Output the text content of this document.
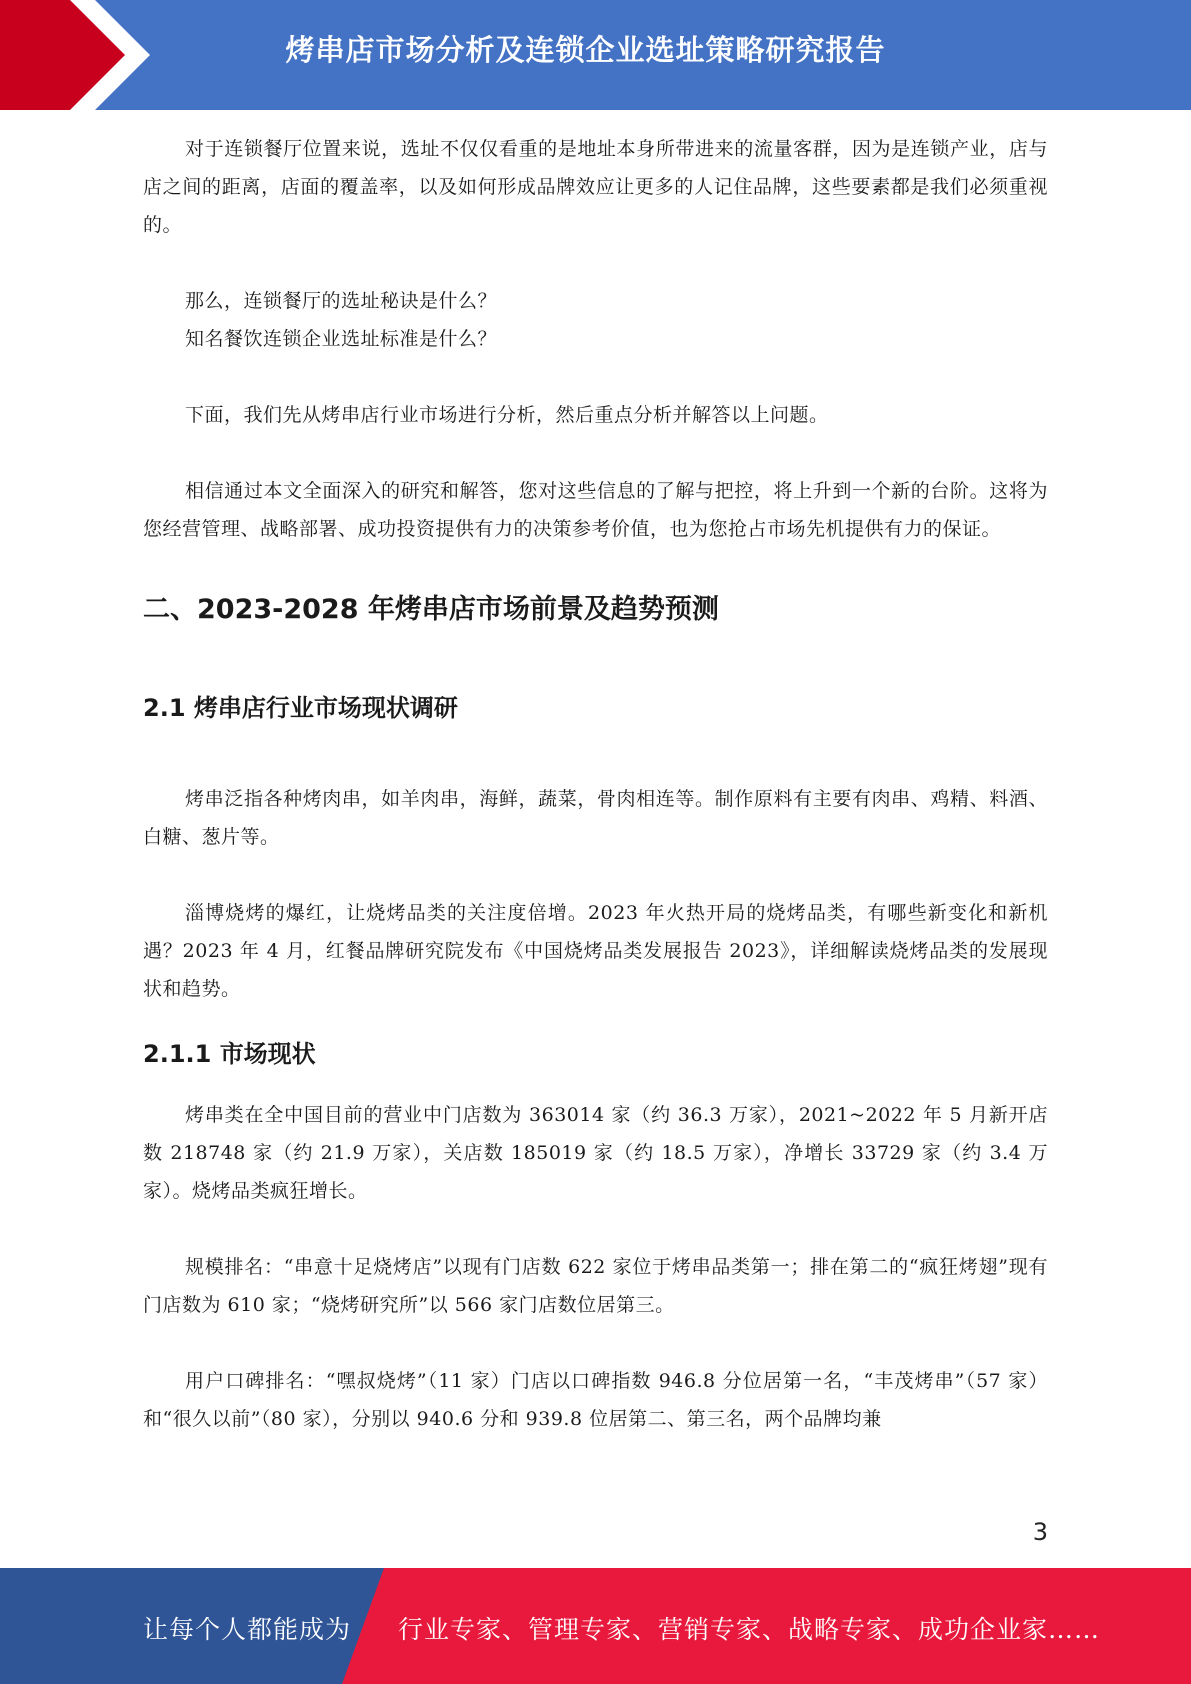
烤串店市场分析及连锁企业选址策略研究报告

对于连锁餐厅位置来说，选址不仅仅看重的是地址本身所带进来的流量客群，因为是连锁产业，店与店之间的距离，店面的覆盖率，以及如何形成品牌效应让更多的人记住品牌，这些要素都是我们必须重视的。

那么，连锁餐厅的选址秘诀是什么？

知名餐饮连锁企业选址标准是什么？

下面，我们先从烤串店行业市场进行分析，然后重点分析并解答以上问题。

相信通过本文全面深入的研究和解答，您对这些信息的了解与把控，将上升到一个新的台阶。这将为您经营管理、战略部署、成功投资提供有力的决策参考价值，也为您抢占市场先机提供有力的保证。

二、2023-2028 年烤串店市场前景及趋势预测
2.1 烤串店行业市场现状调研

烤串泛指各种烤肉串，如羊肉串，海鲜，蔬菜，骨肉相连等。制作原料有主要有肉串、鸡精、料酒、白糖、葱片等。

淄博烧烤的爆红，让烧烤品类的关注度倍增。2023 年火热开局的烧烤品类，有哪些新变化和新机遇？2023 年 4 月，红餐品牌研究院发布《中国烧烤品类发展报告 2023》，详细解读烧烤品类的发展现状和趋势。

2.1.1 市场现状

烤串类在全中国目前的营业中门店数为 363014 家（约 36.3 万家），2021~2022 年 5 月新开店数 218748 家（约 21.9 万家），关店数 185019 家（约 18.5 万家），净增长 33729 家（约 3.4 万家）。烧烤品类疯狂增长。

规模排名：“串意十足烧烤店”以现有门店数 622 家位于烤串品类第一；排在第二的“疯狂烤翅”现有门店数为 610 家；“烧烤研究所”以 566 家门店数位居第三。

用户口碑排名：“嘿叔烧烤”（11 家）门店以口碑指数 946.8 分位居第一名，“丰茂烤串”（57 家）和“很久以前”（80 家），分别以 940.6 分和 939.8 位居第二、第三名，两个品牌均兼

3
让每个人都能成为 行业专家、管理专家、营销专家、战略专家、成功企业家……
